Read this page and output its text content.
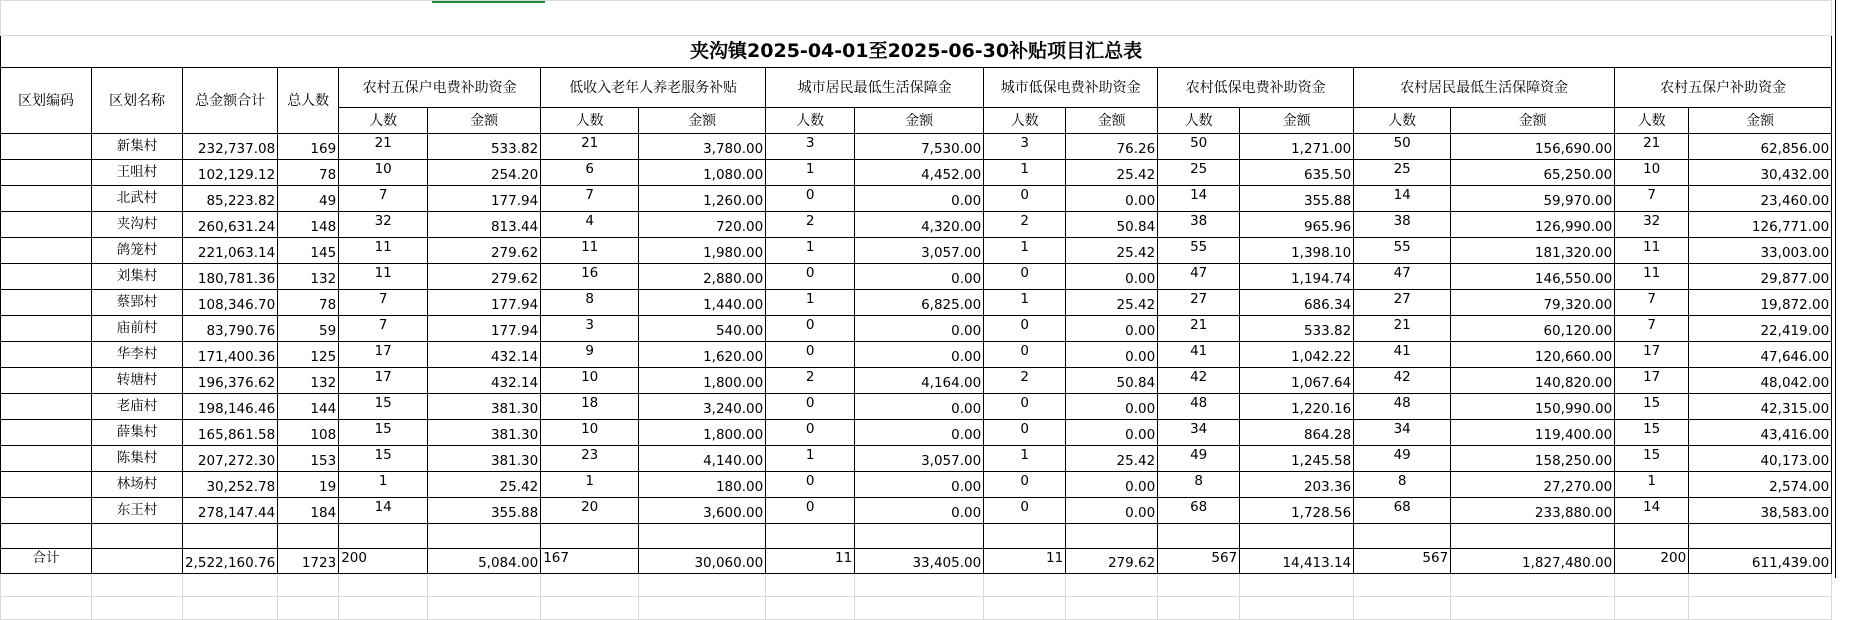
夹沟镇2025-04-01至2025-06-30补贴项目汇总表																	
区划编码	区划名称	总金额合计	总人数	农村五保户电费补助资金		低收入老年人养老服务补贴		城市居民最低生活保障金		城市低保电费补助资金		农村低保电费补助资金		农村居民最低生活保障资金		农村五保户补助资金	
				人数	金额	人数	金额	人数	金额	人数	金额	人数	金额	人数	金额	人数	金额
	新集村	232,737.08	169	21	533.82	21	3,780.00	3	7,530.00	3	76.26	50	1,271.00	50	156,690.00	21	62,856.00
	王咀村	102,129.12	78	10	254.20	6	1,080.00	1	4,452.00	1	25.42	25	635.50	25	65,250.00	10	30,432.00
	北武村	85,223.82	49	7	177.94	7	1,260.00	0	0.00	0	0.00	14	355.88	14	59,970.00	7	23,460.00
	夹沟村	260,631.24	148	32	813.44	4	720.00	2	4,320.00	2	50.84	38	965.96	38	126,990.00	32	126,771.00
	鸽笼村	221,063.14	145	11	279.62	11	1,980.00	1	3,057.00	1	25.42	55	1,398.10	55	181,320.00	11	33,003.00
	刘集村	180,781.36	132	11	279.62	16	2,880.00	0	0.00	0	0.00	47	1,194.74	47	146,550.00	11	29,877.00
	蔡郢村	108,346.70	78	7	177.94	8	1,440.00	1	6,825.00	1	25.42	27	686.34	27	79,320.00	7	19,872.00
	庙前村	83,790.76	59	7	177.94	3	540.00	0	0.00	0	0.00	21	533.82	21	60,120.00	7	22,419.00
	华李村	171,400.36	125	17	432.14	9	1,620.00	0	0.00	0	0.00	41	1,042.22	41	120,660.00	17	47,646.00
	转塘村	196,376.62	132	17	432.14	10	1,800.00	2	4,164.00	2	50.84	42	1,067.64	42	140,820.00	17	48,042.00
	老庙村	198,146.46	144	15	381.30	18	3,240.00	0	0.00	0	0.00	48	1,220.16	48	150,990.00	15	42,315.00
	薛集村	165,861.58	108	15	381.30	10	1,800.00	0	0.00	0	0.00	34	864.28	34	119,400.00	15	43,416.00
	陈集村	207,272.30	153	15	381.30	23	4,140.00	1	3,057.00	1	25.42	49	1,245.58	49	158,250.00	15	40,173.00
	林场村	30,252.78	19	1	25.42	1	180.00	0	0.00	0	0.00	8	203.36	8	27,270.00	1	2,574.00
	东王村	278,147.44	184	14	355.88	20	3,600.00	0	0.00	0	0.00	68	1,728.56	68	233,880.00	14	38,583.00

合计		2,522,160.76	1723	200	5,084.00	167	30,060.00	11	33,405.00	11	279.62	567	14,413.14	567	1,827,480.00	200	611,439.00
